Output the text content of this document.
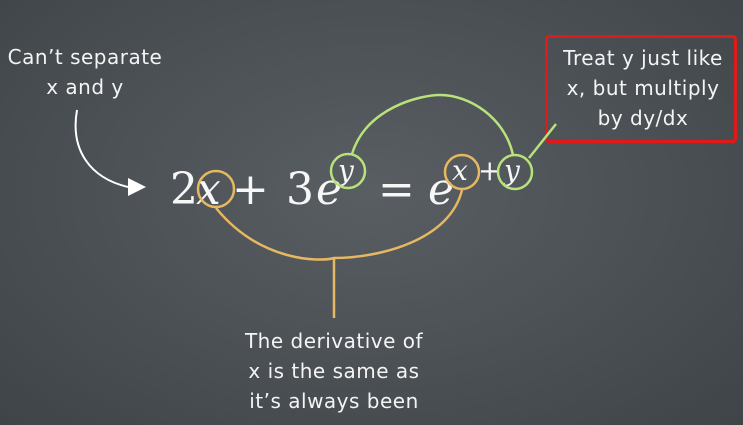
Can’t separate
x and y
Treat y just like
x, but multiply
by dy/dx
The derivative of
x is the same as
it’s always been
2
x + 3 e
y = e
x + y
